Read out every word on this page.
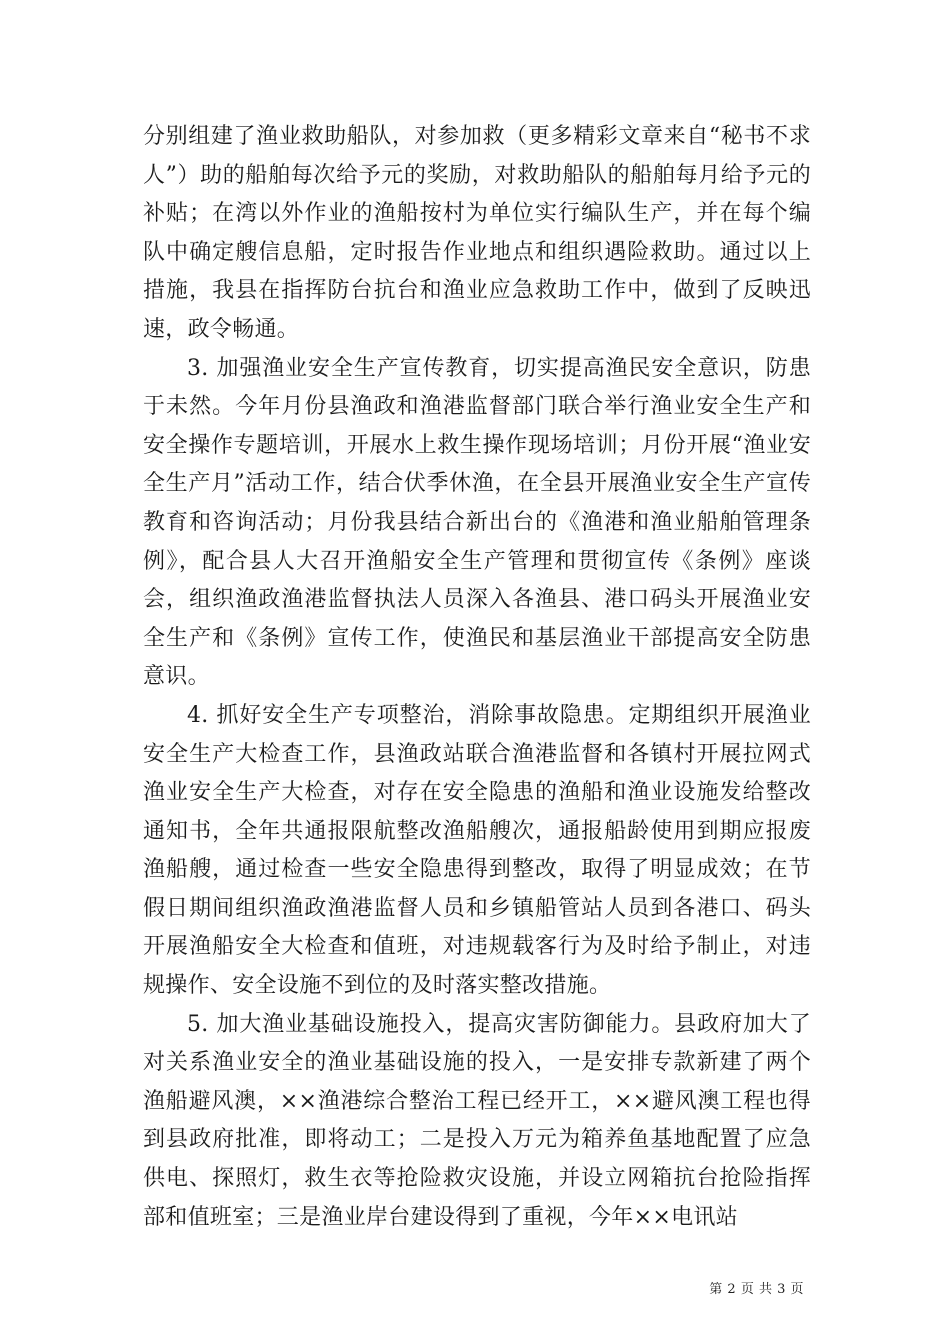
分别组建了渔业救助船队，对参加救（更多精彩文章来自“秘书不求人”）助的船舶每次给予元的奖励，对救助船队的船舶每月给予元的补贴；在湾以外作业的渔船按村为单位实行编队生产，并在每个编队中确定艘信息船，定时报告作业地点和组织遇险救助。通过以上措施，我县在指挥防台抗台和渔业应急救助工作中，做到了反映迅速，政令畅通。

3. 加强渔业安全生产宣传教育，切实提高渔民安全意识，防患于未然。今年月份县渔政和渔港监督部门联合举行渔业安全生产和安全操作专题培训，开展水上救生操作现场培训；月份开展“渔业安全生产月”活动工作，结合伏季休渔，在全县开展渔业安全生产宣传教育和咨询活动；月份我县结合新出台的《渔港和渔业船舶管理条例》，配合县人大召开渔船安全生产管理和贯彻宣传《条例》座谈会，组织渔政渔港监督执法人员深入各渔县、港口码头开展渔业安全生产和《条例》宣传工作，使渔民和基层渔业干部提高安全防患意识。

4. 抓好安全生产专项整治，消除事故隐患。定期组织开展渔业安全生产大检查工作，县渔政站联合渔港监督和各镇村开展拉网式渔业安全生产大检查，对存在安全隐患的渔船和渔业设施发给整改通知书，全年共通报限航整改渔船艘次，通报船龄使用到期应报废渔船艘，通过检查一些安全隐患得到整改，取得了明显成效；在节假日期间组织渔政渔港监督人员和乡镇船管站人员到各港口、码头开展渔船安全大检查和值班，对违规载客行为及时给予制止，对违规操作、安全设施不到位的及时落实整改措施。

5. 加大渔业基础设施投入，提高灾害防御能力。县政府加大了对关系渔业安全的渔业基础设施的投入，一是安排专款新建了两个渔船避风澳，××渔港综合整治工程已经开工，××避风澳工程也得到县政府批准，即将动工；二是投入万元为箱养鱼基地配置了应急供电、探照灯，救生衣等抢险救灾设施，并设立网箱抗台抢险指挥部和值班室；三是渔业岸台建设得到了重视，今年××电讯站

第 2 页 共 3 页
